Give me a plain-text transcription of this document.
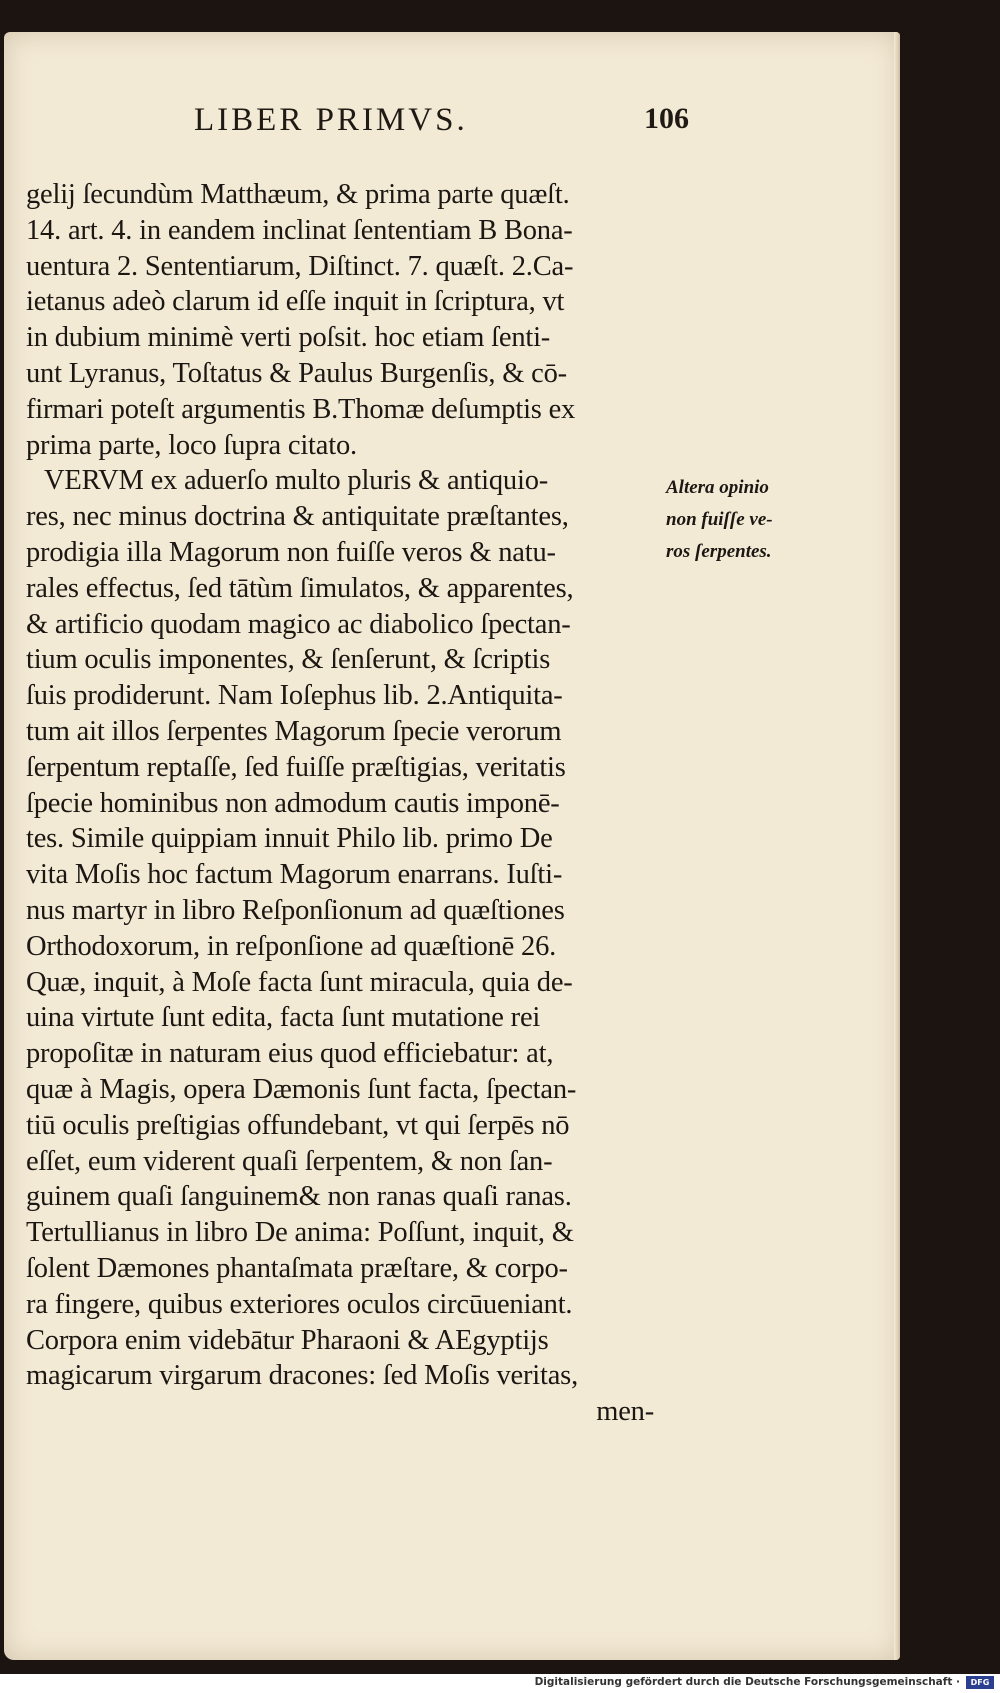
LIBER PRIMVS.	106
gelij ſecundùm Matthæum, & prima parte quæſt.
14. art. 4. in eandem inclinat ſententiam B Bona-
uentura 2. Sententiarum, Diſtinct. 7. quæſt. 2.Ca-
ietanus adeò clarum id eſſe inquit in ſcriptura, vt
in dubium minimè verti poſsit. hoc etiam ſenti-
unt Lyranus, Toſtatus & Paulus Burgenſis, & cō-
firmari poteſt argumentis B.Thomæ deſumptis ex
prima parte, loco ſupra citato.
VERVM ex aduerſo multo pluris & antiquio-
res, nec minus doctrina & antiquitate præſtantes,
prodigia illa Magorum non fuiſſe veros & natu-
rales effectus, ſed tātùm ſimulatos, & apparentes,
& artificio quodam magico ac diabolico ſpectan-
tium oculis imponentes, & ſenſerunt, & ſcriptis
ſuis prodiderunt. Nam Ioſephus lib. 2.Antiquita-
tum ait illos ſerpentes Magorum ſpecie verorum
ſerpentum reptaſſe, ſed fuiſſe præſtigias, veritatis
ſpecie hominibus non admodum cautis imponē-
tes. Simile quippiam innuit Philo lib. primo De
vita Moſis hoc factum Magorum enarrans. Iuſti-
nus martyr in libro Reſponſionum ad quæſtiones
Orthodoxorum, in reſponſione ad quæſtionē 26.
Quæ, inquit, à Moſe facta ſunt miracula, quia de-
uina virtute ſunt edita, facta ſunt mutatione rei
propoſitæ in naturam eius quod efficiebatur: at,
quæ à Magis, opera Dæmonis ſunt facta, ſpectan-
tiū oculis preſtigias offundebant, vt qui ſerpēs nō
eſſet, eum viderent quaſi ſerpentem, & non ſan-
guinem quaſi ſanguinem& non ranas quaſi ranas.
Tertullianus in libro De anima: Poſſunt, inquit, &
ſolent Dæmones phantaſmata præſtare, & corpo-
ra fingere, quibus exteriores oculos circūueniant.
Corpora enim videbātur Pharaoni & AEgyptijs
magicarum virgarum dracones: ſed Moſis veritas,
men-
Altera opinio
non fuiſſe ve-
ros ſerpentes.
Digitalisierung gefördert durch die Deutsche Forschungsgemeinschaft ·	DFG
